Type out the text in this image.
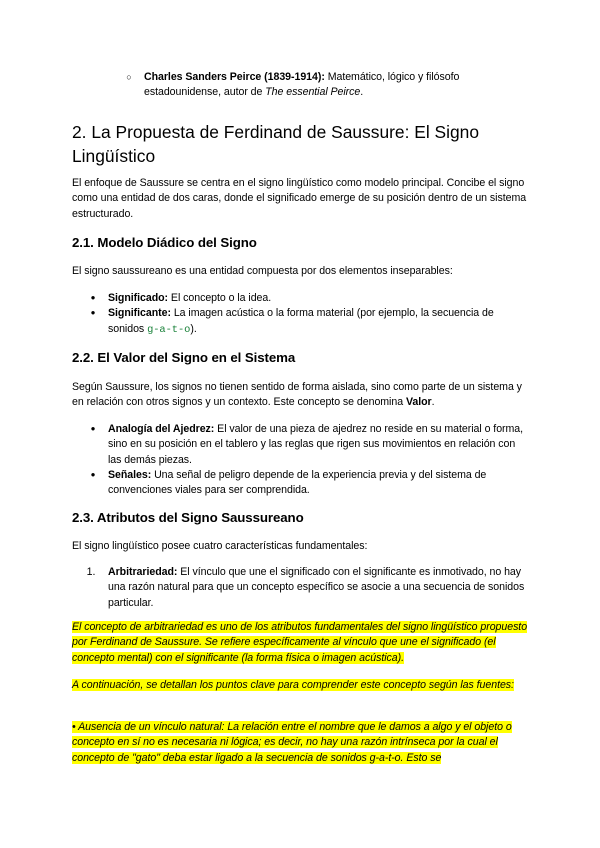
○
Charles Sanders Peirce (1839-1914): Matemático, lógico y filósofo estadounidense, autor de The essential Peirce.
2. La Propuesta de Ferdinand de Saussure: El Signo Lingüístico
El enfoque de Saussure se centra en el signo lingüístico como modelo principal. Concibe el signo como una entidad de dos caras, donde el significado emerge de su posición dentro de un sistema estructurado.
2.1. Modelo Diádico del Signo
El signo saussureano es una entidad compuesta por dos elementos inseparables:
●
Significado: El concepto o la idea.
●
Significante: La imagen acústica o la forma material (por ejemplo, la secuencia de sonidos g-a-t-o).
2.2. El Valor del Signo en el Sistema
Según Saussure, los signos no tienen sentido de forma aislada, sino como parte de un sistema y en relación con otros signos y un contexto. Este concepto se denomina Valor.
●
Analogía del Ajedrez: El valor de una pieza de ajedrez no reside en su material o forma, sino en su posición en el tablero y las reglas que rigen sus movimientos en relación con las demás piezas.
●
Señales: Una señal de peligro depende de la experiencia previa y del sistema de convenciones viales para ser comprendida.
2.3. Atributos del Signo Saussureano
El signo lingüístico posee cuatro características fundamentales:
1. Arbitrariedad: El vínculo que une el significado con el significante es inmotivado, no hay una razón natural para que un concepto específico se asocie a una secuencia de sonidos particular.
El concepto de arbitrariedad es uno de los atributos fundamentales del signo lingüístico propuesto por Ferdinand de Saussure. Se refiere específicamente al vínculo que une el significado (el concepto mental) con el significante (la forma física o imagen acústica).
A continuación, se detallan los puntos clave para comprender este concepto según las fuentes:
• Ausencia de un vínculo natural: La relación entre el nombre que le damos a algo y el objeto o concepto en sí no es necesaria ni lógica; es decir, no hay una razón intrínseca por la cual el concepto de "gato" deba estar ligado a la secuencia de sonidos g-a-t-o. Esto se
